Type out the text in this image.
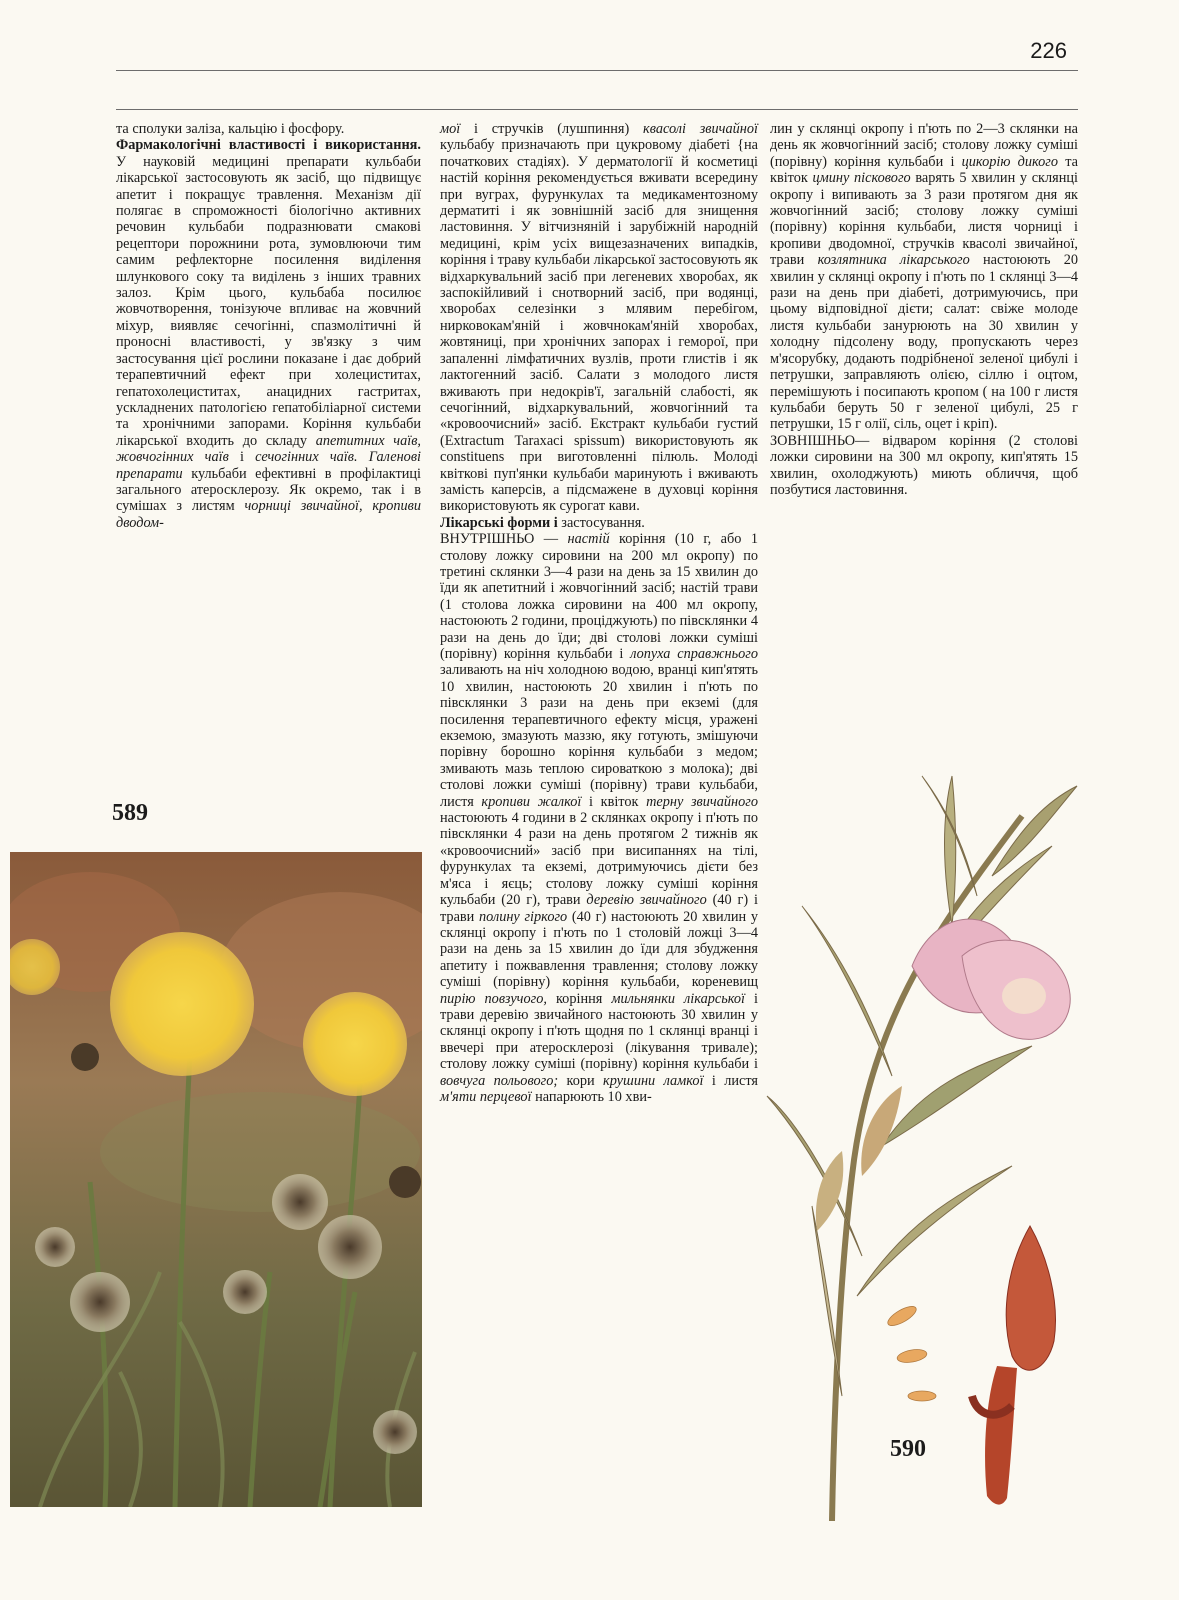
226

та сполуки заліза, кальцію і фосфору.

Фармакологічні властивості і використання. У науковій медицині препарати кульбаби лікарської застосовують як засіб, що підвищує апетит і покращує травлення. Механізм дії полягає в спроможності біологічно активних речовин кульбаби подразнювати смакові рецептори порожнини рота, зумовлюючи тим самим рефлекторне посилення виділення шлункового соку та виділень з інших травних залоз. Крім цього, кульбаба посилює жовчотворення, тонізуюче впливає на жовчний міхур, виявляє сечогінні, спазмолітичні й проносні властивості, у зв'язку з чим застосування цієї рослини показане і дає добрий терапевтичний ефект при холециститах, гепатохолециститах, анацидних гастритах, ускладнених патологією гепатобіліарної системи та хронічними запорами. Коріння кульбаби лікарської входить до складу апетитних чаїв, жовчогінних чаїв і сечогінних чаїв. Галенові препарати кульбаби ефективні в профілактиці загального атеросклерозу. Як окремо, так і в сумішах з листям чорниці звичайної, кропиви дводом-

мої і стручків (лушпиння) квасолі звичайної кульбабу призначають при цукровому діабеті {на початкових стадіях). У дерматології й косметиці настій коріння рекомендується вживати всередину при вуграх, фурункулах та медикаментозному дерматиті і як зовнішній засіб для знищення ластовиння. У вітчизняній і зарубіжній народній медицині, крім усіх вищезазначених випадків, коріння і траву кульбаби лікарської застосовують як відхаркувальний засіб при легеневих хворобах, як заспокійливий і снотворний засіб, при водянці, хворобах селезінки з млявим перебігом, нирковокам'яній і жовчнокам'яній хворобах, жовтяниці, при хронічних запорах і геморої, при запаленні лімфатичних вузлів, проти глистів і як лактогенний засіб. Салати з молодого листя вживають при недокрів'ї, загальній слабості, як сечогінний, відхаркувальний, жовчогінний та «кровоочисний» засіб. Екстракт кульбаби густий (Extractum Taraxaci spissum) використовують як constituens при виготовленні пілюль. Молоді квіткові пуп'янки кульбаби маринують і вживають замість каперсів, а підсмажене в духовці коріння використовують як сурогат кави.

Лікарські форми і застосування.

ВНУТРІШНЬО — настій коріння (10 г, або 1 столову ложку сировини на 200 мл окропу) по третині склянки 3—4 рази на день за 15 хвилин до їди як апетитний і жовчогінний засіб; настій трави (1 столова ложка сировини на 400 мл окропу, настоюють 2 години, проціджують) по півсклянки 4 рази на день до їди; дві столові ложки суміші (порівну) коріння кульбаби і лопуха справжнього заливають на ніч холодною водою, вранці кип'ятять 10 хвилин, настоюють 20 хвилин і п'ють по півсклянки 3 рази на день при екземі (для посилення терапевтичного ефекту місця, уражені екземою, змазують маззю, яку готують, змішуючи порівну борошно коріння кульбаби з медом; змивають мазь теплою сироваткою з молока); дві столові ложки суміші (порівну) трави кульбаби, листя кропиви жалкої і квіток терну звичайного настоюють 4 години в 2 склянках окропу і п'ють по півсклянки 4 рази на день протягом 2 тижнів як «кровоочисний» засіб при висипаннях на тілі, фурункулах та екземі, дотримуючись дієти без м'яса і яєць; столову ложку суміші коріння кульбаби (20 г), трави деревію звичайного (40 г) і трави полину гіркого (40 г) настоюють 20 хвилин у склянці окропу і п'ють по 1 столовій ложці 3—4 рази на день за 15 хвилин до їди для збудження апетиту і пожвавлення травлення; столову ложку суміші (порівну) коріння кульбаби, кореневищ пирію повзучого, коріння мильнянки лікарської і трави деревію звичайного настоюють 30 хвилин у склянці окропу і п'ють щодня по 1 склянці вранці і ввечері при атеросклерозі (лікування тривале); столову ложку суміші (порівну) коріння кульбаби і вовчуга польового; кори крушини ламкої і листя м'яти перцевої напарюють 10 хви-

лин у склянці окропу і п'ють по 2—3 склянки на день як жовчогінний засіб; столову ложку суміші (порівну) коріння кульбаби і цикорію дикого та квіток цмину піскового варять 5 хвилин у склянці окропу і випивають за 3 рази протягом дня як жовчогінний засіб; столову ложку суміші (порівну) коріння кульбаби, листя чорниці і кропиви дводомної, стручків квасолі звичайної, трави козлятника лікарського настоюють 20 хвилин у склянці окропу і п'ють по 1 склянці 3—4 рази на день при діабеті, дотримуючись, при цьому відповідної дієти; салат: свіже молоде листя кульбаби занурюють на 30 хвилин у холодну підсолену воду, пропускають через м'ясорубку, додають подрібненої зеленої цибулі і петрушки, заправляють олією, сіллю і оцтом, перемішують і посипають кропом ( на 100 г листя кульбаби беруть 50 г зеленої цибулі, 25 г петрушки, 15 г олії, сіль, оцет і кріп).

ЗОВНІШНЬО— відваром коріння (2 столові ложки сировини на 300 мл окропу, кип'ятять 15 хвилин, охолоджують) миють обличчя, щоб позбутися ластовиння.

589
590
